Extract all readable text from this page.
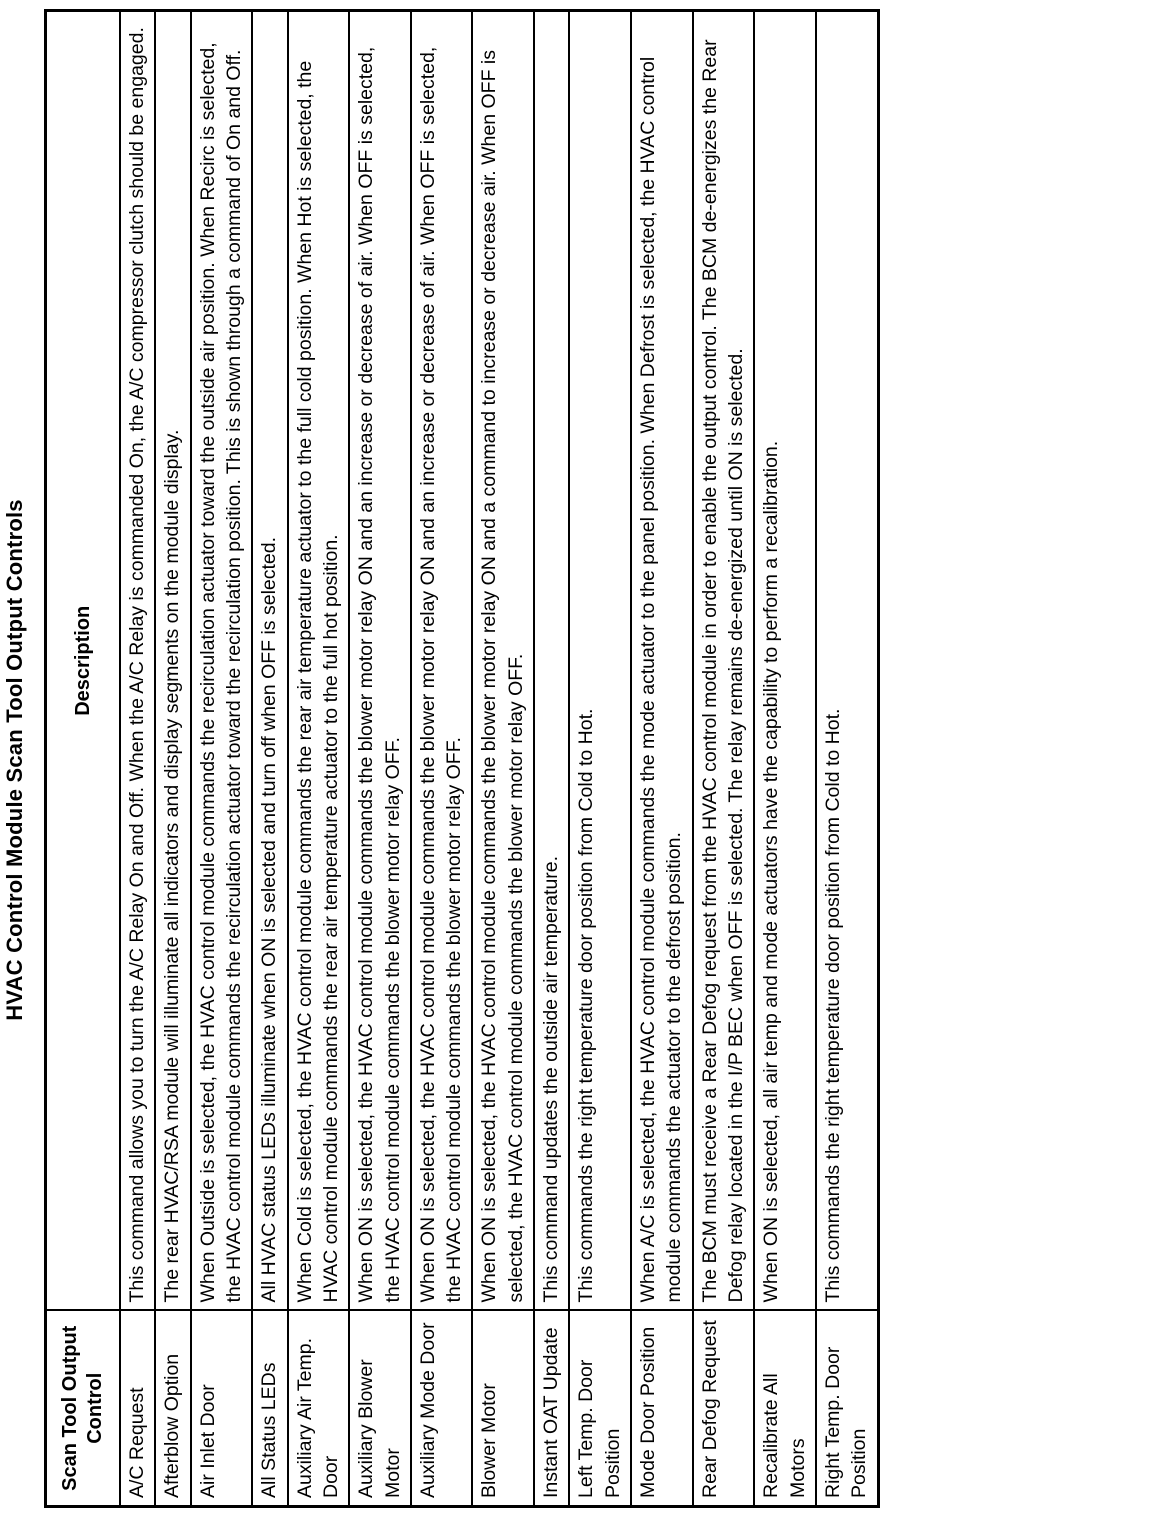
HVAC Control Module Scan Tool Output Controls
Scan Tool Output Control	Description
A/C Request	This command allows you to turn the A/C Relay On and Off. When the A/C Relay is commanded On, the A/C compressor clutch should be engaged.
Afterblow Option	The rear HVAC/RSA module will illuminate all indicators and display segments on the module display.
Air Inlet Door	When Outside is selected, the HVAC control module commands the recirculation actuator toward the outside air position. When Recirc is selected, the HVAC control module commands the recirculation actuator toward the recirculation position. This is shown through a command of On and Off.
All Status LEDs	All HVAC status LEDs illuminate when ON is selected and turn off when OFF is selected.
Auxiliary Air Temp. Door	When Cold is selected, the HVAC control module commands the rear air temperature actuator to the full cold position. When Hot is selected, the HVAC control module commands the rear air temperature actuator to the full hot position.
Auxiliary Blower Motor	When ON is selected, the HVAC control module commands the blower motor relay ON and an increase or decrease of air. When OFF is selected, the HVAC control module commands the blower motor relay OFF.
Auxiliary Mode Door	When ON is selected, the HVAC control module commands the blower motor relay ON and an increase or decrease of air. When OFF is selected, the HVAC control module commands the blower motor relay OFF.
Blower Motor	When ON is selected, the HVAC control module commands the blower motor relay ON and a command to increase or decrease air. When OFF is selected, the HVAC control module commands the blower motor relay OFF.
Instant OAT Update	This command updates the outside air temperature.
Left Temp. Door Position	This commands the right temperature door position from Cold to Hot.
Mode Door Position	When A/C is selected, the HVAC control module commands the mode actuator to the panel position. When Defrost is selected, the HVAC control module commands the actuator to the defrost position.
Rear Defog Request	The BCM must receive a Rear Defog request from the HVAC control module in order to enable the output control. The BCM de-energizes the Rear Defog relay located in the I/P BEC when OFF is selected. The relay remains de-energized until ON is selected.
Recalibrate All Motors	When ON is selected, all air temp and mode actuators have the capability to perform a recalibration.
Right Temp. Door Position	This commands the right temperature door position from Cold to Hot.
